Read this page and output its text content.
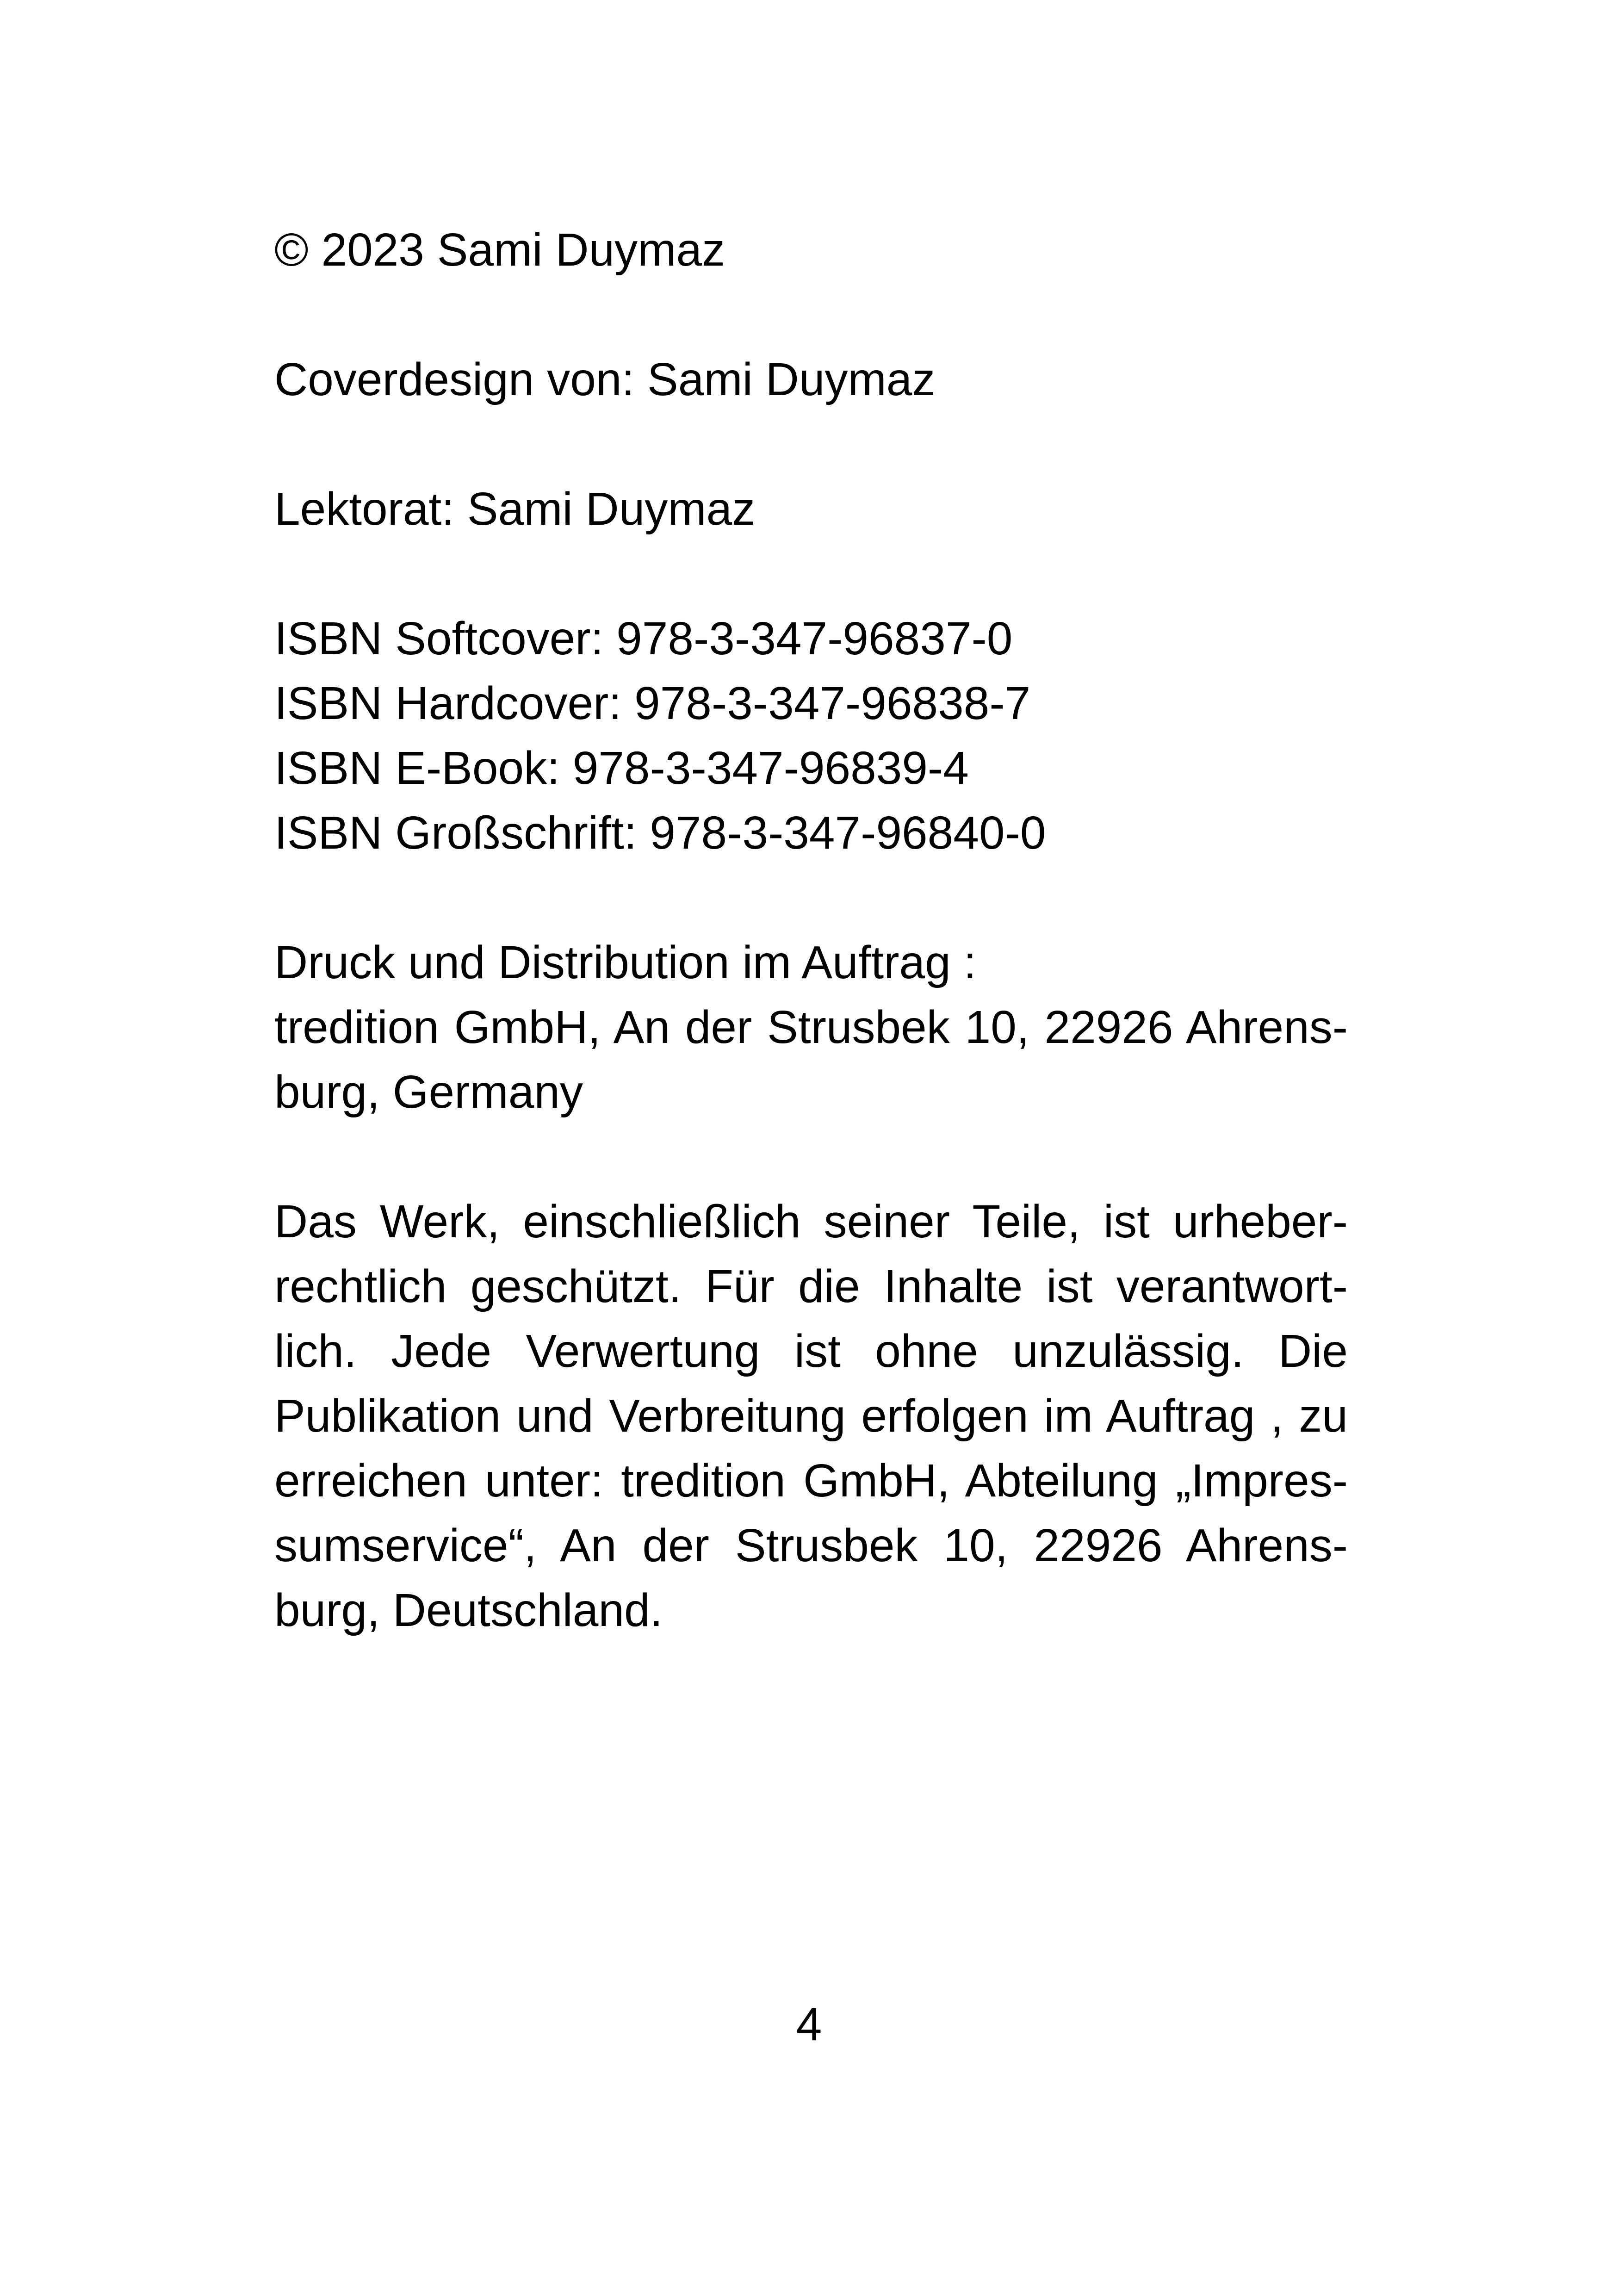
© 2023 Sami Duymaz

Coverdesign von: Sami Duymaz

Lektorat: Sami Duymaz

ISBN Softcover: 978-3-347-96837-0
ISBN Hardcover: 978-3-347-96838-7
ISBN E-Book: 978-3-347-96839-4
ISBN Großschrift: 978-3-347-96840-0
Druck und Distribution im Auftrag :
tredition GmbH, An der Strusbek 10, 22926 Ahrens-
burg, Germany
Das Werk, einschließlich seiner Teile, ist urheber-
rechtlich geschützt. Für die Inhalte ist verantwort-
lich. Jede Verwertung ist ohne unzulässig. Die
Publikation und Verbreitung erfolgen im Auftrag , zu
erreichen unter: tredition GmbH, Abteilung „Impres-
sumservice“, An der Strusbek 10, 22926 Ahrens-
burg, Deutschland.
4
